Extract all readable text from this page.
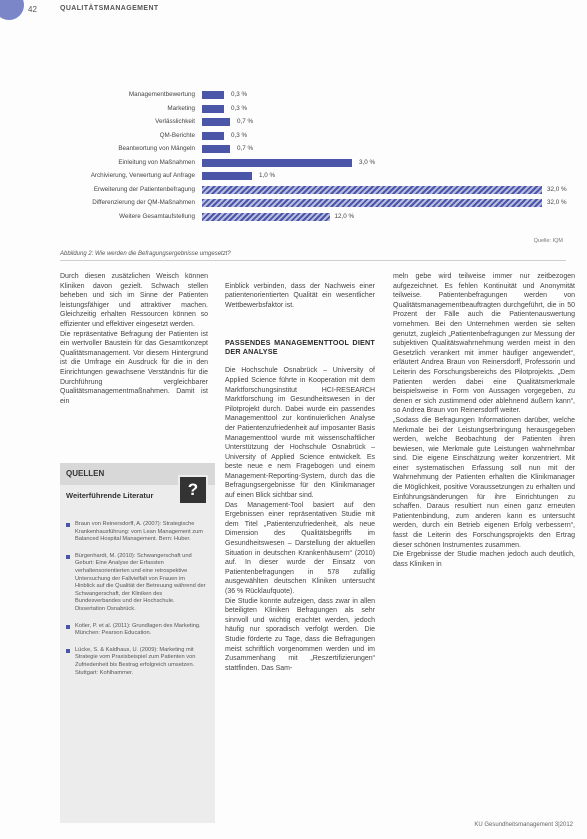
42	QUALITÄTSMANAGEMENT
Managementbewertung	0,3 %
Marketing	0,3 %
Verlässlichkeit	0,7 %
QM-Berichte	0,3 %
Beantwortung von Mängeln	0,7 %
Einleitung von Maßnahmen	3,0 %
Archivierung, Verwertung auf Anfrage	1,0 %
Erweiterung der Patientenbefragung	32,0 %
Differenzierung der QM-Maßnahmen	32,0 %
Weitere Gesamtaufstellung	12,0 %
Quelle: IQM
Abbildung 2: Wie werden die Befragungsergebnisse umgesetzt?
Durch diesen zusätzlichen Weisch können Kliniken davon gezielt. Schwach stellen beheben und sich im Sinne der Patienten leistungsfähiger und attraktiver machen. Gleichzeitig erhalten Ressourcen können so effizienter und effektiver eingesetzt werden.
Die repräsentative Befragung der Patienten ist ein wertvoller Baustein für das Gesamtkonzept Qualitätsmanagement. Vor diesem Hintergrund ist die Umfrage ein Ausdruck für die in den Einrichtungen gewachsene Verständnis für die Durchführung vergleichbarer Qualitätsmanagementmaßnahmen. Damit ist ein

Einblick verbinden, dass der Nachweis einer patientenorientierten Qualität ein wesentlicher Wettbewerbsfaktor ist.

PASSENDES MANAGEMENTTOOL DIENT DER ANALYSE

Die Hochschule Osnabrück – University of Applied Science führte in Kooperation mit dem Marktforschungsinstitut HCI-RESEARCH Marktforschung im Gesundheitswesen in der Pilotprojekt durch. Dabei wurde ein passendes Managementtool zur kontinuierlichen Analyse der Patientenzufriedenheit auf imposanter Basis Managementtool wurde mit wissenschaftlicher Unterstützung der Hochschule Osnabrück – University of Applied Science entwickelt. Es beste neue e nem Fragebogen und einem Management-Reporting-System, durch das die Befragungsergebnisse für den Klinikmanager auf einen Blick sichtbar sind.
Das Management-Tool basiert auf den Ergebnissen einer repräsentativen Studie mit dem Titel „Patientenzufriedenheit, als neue Dimension des Qualitätsbegriffs im Gesundheitswesen – Darstellung der aktuellen Situation in deutschen Krankenhäusern“ (2010) auf. In dieser wurde der Einsatz von Patientenbefragungen in 578 zufällig ausgewählten deutschen Kliniken untersucht (36 % Rücklaufquote).
Die Studie konnte aufzeigen, dass zwar in allen beteiligten Kliniken Befragungen als sehr sinnvoll und wichtig erachtet werden, jedoch häufig nur sporadisch verfolgt werden. Die Studie förderte zu Tage, dass die Befragungen meist schriftlich vorgenommen werden und im Zusammenhang mit „Reszertifizierungen“ stattfinden. Das Sam-

meln gebe wird teilweise immer nur zeitbezogen aufgezeichnet. Es fehlen Kontinuität und Anonymität teilweise. Patientenbefragungen werden von Qualitätsmanagementbeauftragten durchgeführt, die in 50 Prozent der Fälle auch die Patientenauswertung vornehmen. Bei den Unternehmen werden sie selten genutzt, zugleich „Patientenbefragungen zur Messung der subjektiven Qualitätswahrnehmung werden meist in den Gesetzlich verankert mit immer häufiger angewendet“, erläutert Andrea Braun von Reinersdorff, Professorin und Leiterin des Forschungsbereichs des Pilotprojekts. „Dem Patienten werden dabei eine Qualitätsmerkmale beispielsweise in Form von Aussagen vorgegeben, zu denen er sich zustimmend oder ablehnend äußern kann“, so Andrea Braun von Reinersdorff weiter.
„Sodass die Befragungen Informationen darüber, welche Merkmale bei der Leistungserbringung herausgegeben werden, welche Beobachtung der Patienten ihren bewiesen, wie Merkmale gute Leistungen wahrnehmbar sind. Die eigene Einschätzung weiter konzentriert. Mit einer systematischen Erfassung soll nun mit der Wahrnehmung der Patienten erhalten die Klinikmanager die Möglichkeit, positive Voraussetzungen zu erhalten und Einführungsänderungen für ihre Einrichtungen zu schaffen. Daraus resultiert nun einen ganz erneuten Patientenbindung, zum anderen kann es untersucht werden, durch ein Betrieb eigenen Erfolg verbessern“, fasst die Leiterin des Forschungsprojekts den Ertrag dieser schönen Instrumentes zusammen.
Die Ergebnisse der Studie machen jedoch auch deutlich, dass Kliniken in
QUELLEN
?
Weiterführende Literatur
Braun von Reinersdorff, A. (2007): Strategische Krankenhausführung: vom Lean Management zum Balanced Hospital Management. Bern: Huber.
Bürgenhardt, M. (2010): Schwangerschaft und Geburt: Eine Analyse der Erfassten verhaltensorientierten und eine retrospektive Untersuchung der Fallvielfalt von Frauen im Hinblick auf die Qualität der Betreuung während der Schwangerschaft, der Kliniken des Bundesverbandes und der Hochschule. Dissertation Osnabrück.
Kotler, P. et al. (2011): Grundlagen des Marketing. München: Pearson Education.
Lücke, S. & Kaldhaus, U. (2009): Marketing mit Strategie vom Praxisbeispiel zum Patienten von Zufriedenheit bis Bestrag erfolgreich umsetzen. Stuttgart: Kohlhammer.
KU Gesundheitsmanagement 3|2012
